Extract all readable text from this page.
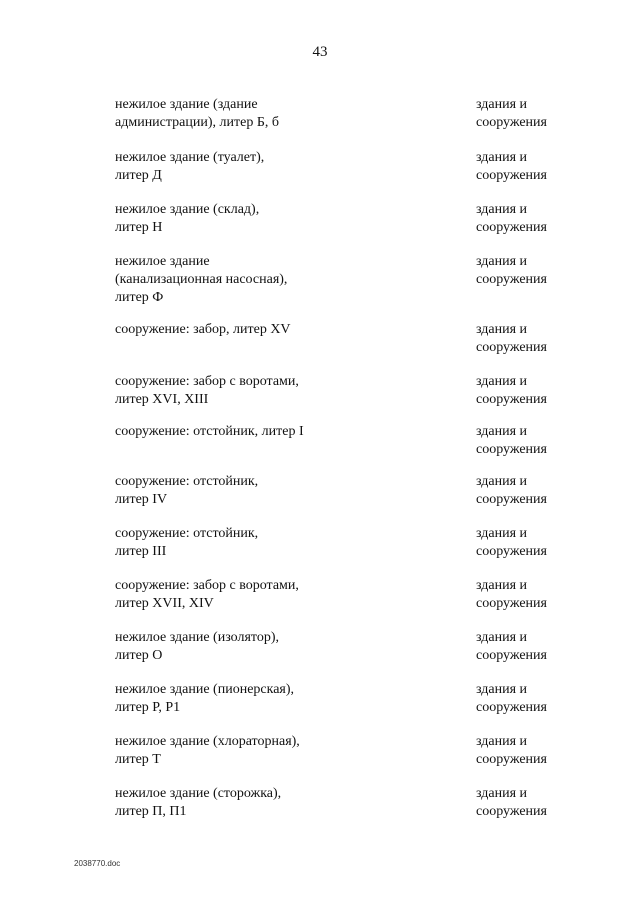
43
нежилое здание (здание
администрации), литер Б, б
здания и
сооружения
нежилое здание (туалет),
литер Д
здания и
сооружения
нежилое здание (склад),
литер Н
здания и
сооружения
нежилое здание
(канализационная насосная),
литер Ф
здания и
сооружения
сооружение: забор, литер XV	здания и
сооружения
сооружение: забор с воротами,
литер XVI, XIII
здания и
сооружения
сооружение: отстойник, литер I	здания и
сооружения
сооружение: отстойник,
литер IV
здания и
сооружения
сооружение: отстойник,
литер III
здания и
сооружения
сооружение: забор с воротами,
литер XVII, XIV
здания и
сооружения
нежилое здание (изолятор),
литер О
здания и
сооружения
нежилое здание (пионерская),
литер Р, Р1
здания и
сооружения
нежилое здание (хлораторная),
литер Т
здания и
сооружения
нежилое здание (сторожка),
литер П, П1
здания и
сооружения
2038770.doc
